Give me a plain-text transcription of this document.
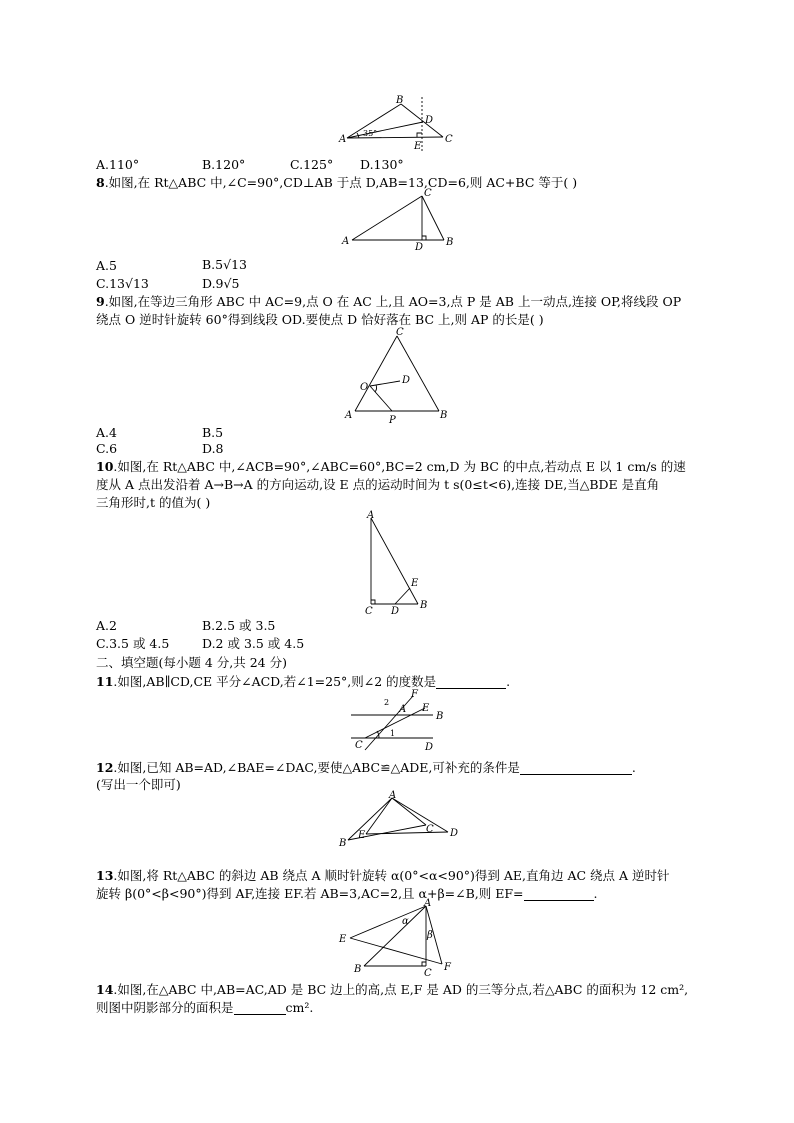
A
B
D
C
E
35°
A.110°	B.120°	C.125° D.130°
8.如图,在 Rt△ABC 中,∠C=90°,CD⊥AB 于点 D,AB=13,CD=6,则 AC+BC 等于( )
A
C
D B
A.5	B.5√13
C.13√13	D.9√5
9.如图,在等边三角形 ABC 中 AC=9,点 O 在 AC 上,且 AO=3,点 P 是 AB 上一动点,连接 OP,将线段 OP
绕点 O 逆时针旋转 60°得到线段 OD.要使点 D 恰好落在 BC 上,则 AP 的长是( )
C
O
D
A	P	B
A.4	B.5
C.6	D.8
10.如图,在 Rt△ABC 中,∠ACB=90°,∠ABC=60°,BC=2 cm,D 为 BC 的中点,若动点 E 以 1 cm/s 的速
度从 A 点出发沿着 A→B→A 的方向运动,设 E 点的运动时间为 t s(0≤t<6),连接 DE,当△BDE 是直角
三角形时,t 的值为( )
A
E
C D
B
A.2	B.2.5 或 3.5
C.3.5 或 4.5	D.2 或 3.5 或 4.5
二、填空题(每小题 4 分,共 24 分)
11.如图,AB∥CD,CE 平分∠ACD,若∠1=25°,则∠2 的度数是	.
F
2
A E
B
1
C	D
12.如图,已知 AB=AD,∠BAE=∠DAC,要使△ABC≌△ADE,可补充的条件是	.
(写出一个即可)
A
E
C D
B
13.如图,将 Rt△ABC 的斜边 AB 绕点 A 顺时针旋转 α(0°<α<90°)得到 AE,直角边 AC 绕点 A 逆时针
旋转 β(0°<β<90°)得到 AF,连接 EF.若 AB=3,AC=2,且 α+β=∠B,则 EF=	.
A
α
β
E
B	C
F
14.如图,在△ABC 中,AB=AC,AD 是 BC 边上的高,点 E,F 是 AD 的三等分点,若△ABC 的面积为 12 cm²,
则图中阴影部分的面积是	cm².
